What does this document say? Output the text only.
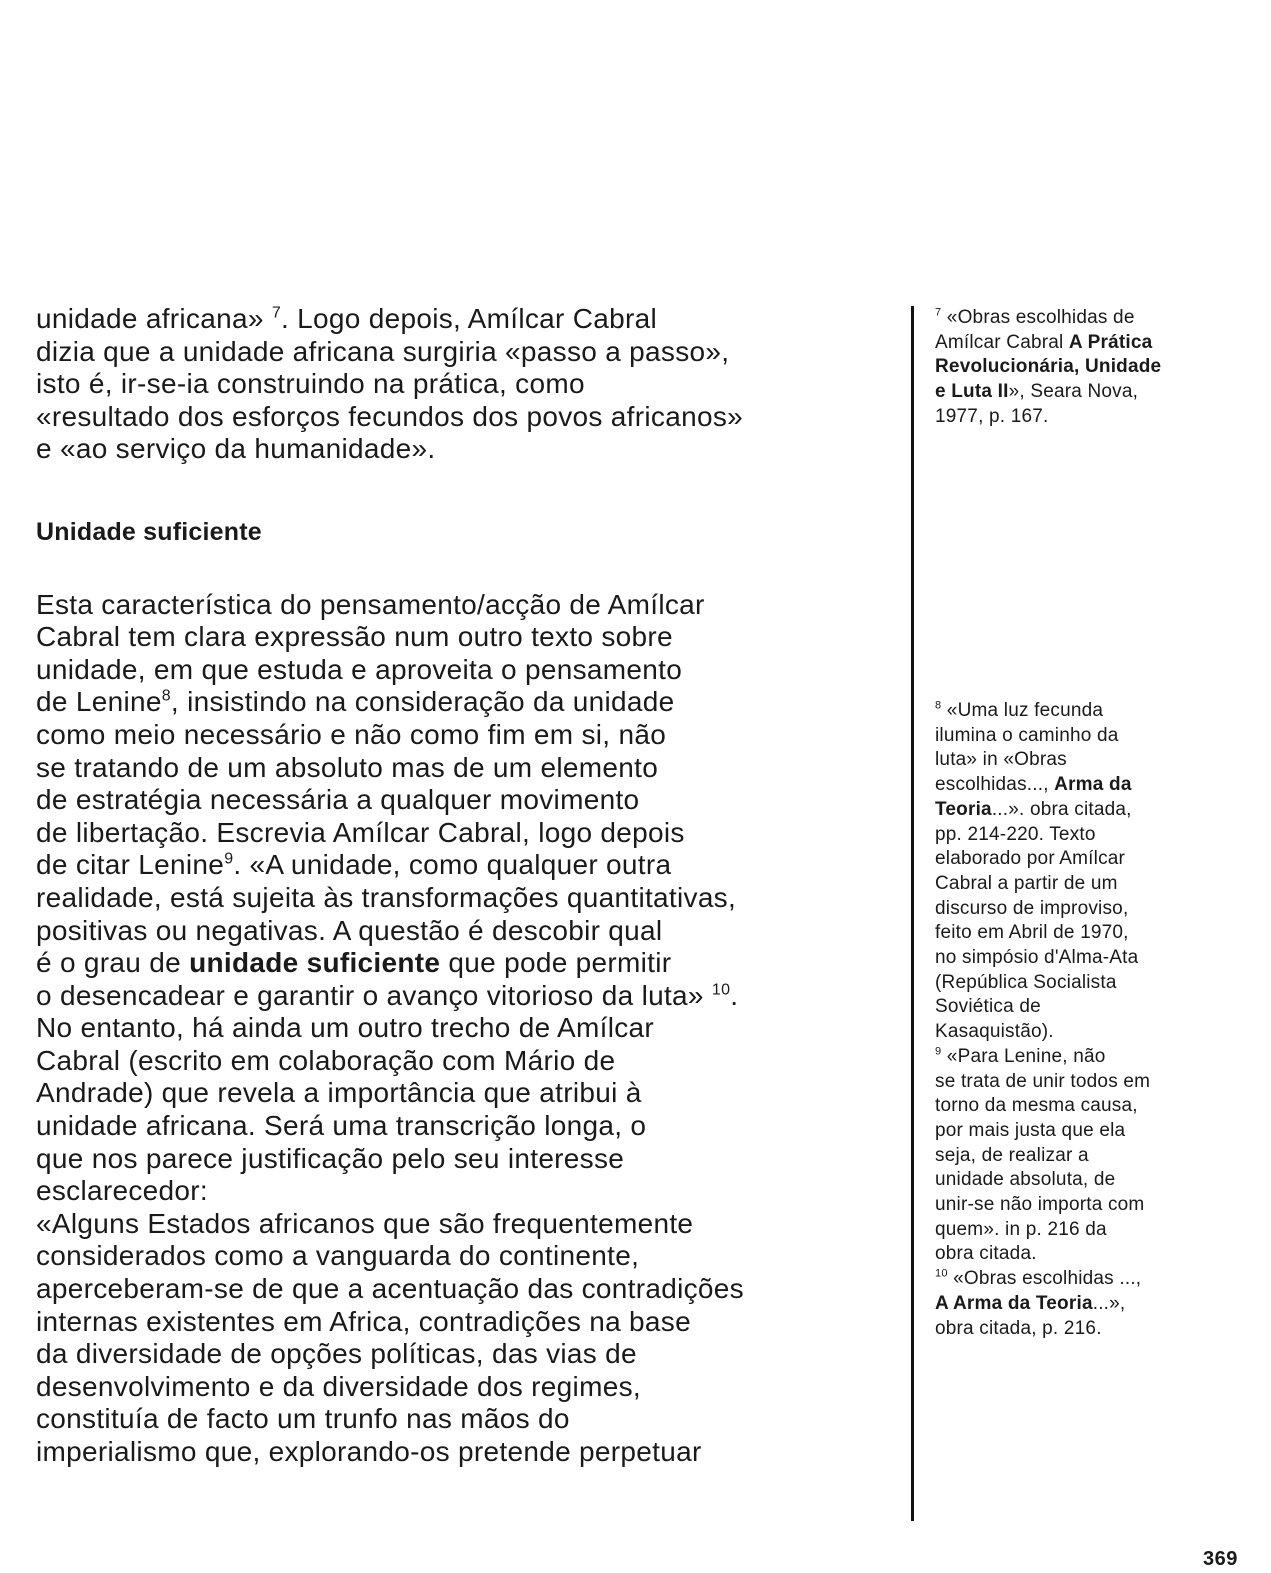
unidade africana» $^7$. Logo depois, Amílcar Cabral
dizia que a unidade africana surgiria «passo a passo»,
isto é, ir-se-ia construindo na prática, como
«resultado dos esforços fecundos dos povos africanos»
e «ao serviço da humanidade».

Unidade suficiente

Esta característica do pensamento/acção de Amílcar
Cabral tem clara expressão num outro texto sobre
unidade, em que estuda e aproveita o pensamento
de Lenine$^8$, insistindo na consideração da unidade
como meio necessário e não como fim em si, não
se tratando de um absoluto mas de um elemento
de estratégia necessária a qualquer movimento
de libertação. Escrevia Amílcar Cabral, logo depois
de citar Lenine$^9$. «A unidade, como qualquer outra
realidade, está sujeita às transformações quantitativas,
positivas ou negativas. A questão é descobir qual
é o grau de unidade suficiente que pode permitir
o desencadear e garantir o avanço vitorioso da luta» $^{10}$.
No entanto, há ainda um outro trecho de Amílcar
Cabral (escrito em colaboração com Mário de
Andrade) que revela a importância que atribui à
unidade africana. Será uma transcrição longa, o
que nos parece justificação pelo seu interesse
esclarecedor:
«Alguns Estados africanos que são frequentemente
considerados como a vanguarda do continente,
aperceberam-se de que a acentuação das contradições
internas existentes em Africa, contradições na base
da diversidade de opções políticas, das vias de
desenvolvimento e da diversidade dos regimes,
constituía de facto um trunfo nas mãos do
imperialismo que, explorando-os pretende perpetuar

$^7$ «Obras escolhidas de
Amílcar Cabral A Prática
Revolucionária, Unidade
e Luta II», Seara Nova,
1977, p. 167.
$^8$ «Uma luz fecunda
ilumina o caminho da
luta» in «Obras
escolhidas..., Arma da
Teoria...». obra citada,
pp. 214-220. Texto
elaborado por Amílcar
Cabral a partir de um
discurso de improviso,
feito em Abril de 1970,
no simpósio d'Alma-Ata
(República Socialista
Soviética de
Kasaquistão).
$^9$ «Para Lenine, não
se trata de unir todos em
torno da mesma causa,
por mais justa que ela
seja, de realizar a
unidade absoluta, de
unir-se não importa com
quem». in p. 216 da
obra citada.
$^{10}$ «Obras escolhidas ...,
A Arma da Teoria...»,
obra citada, p. 216.
369
